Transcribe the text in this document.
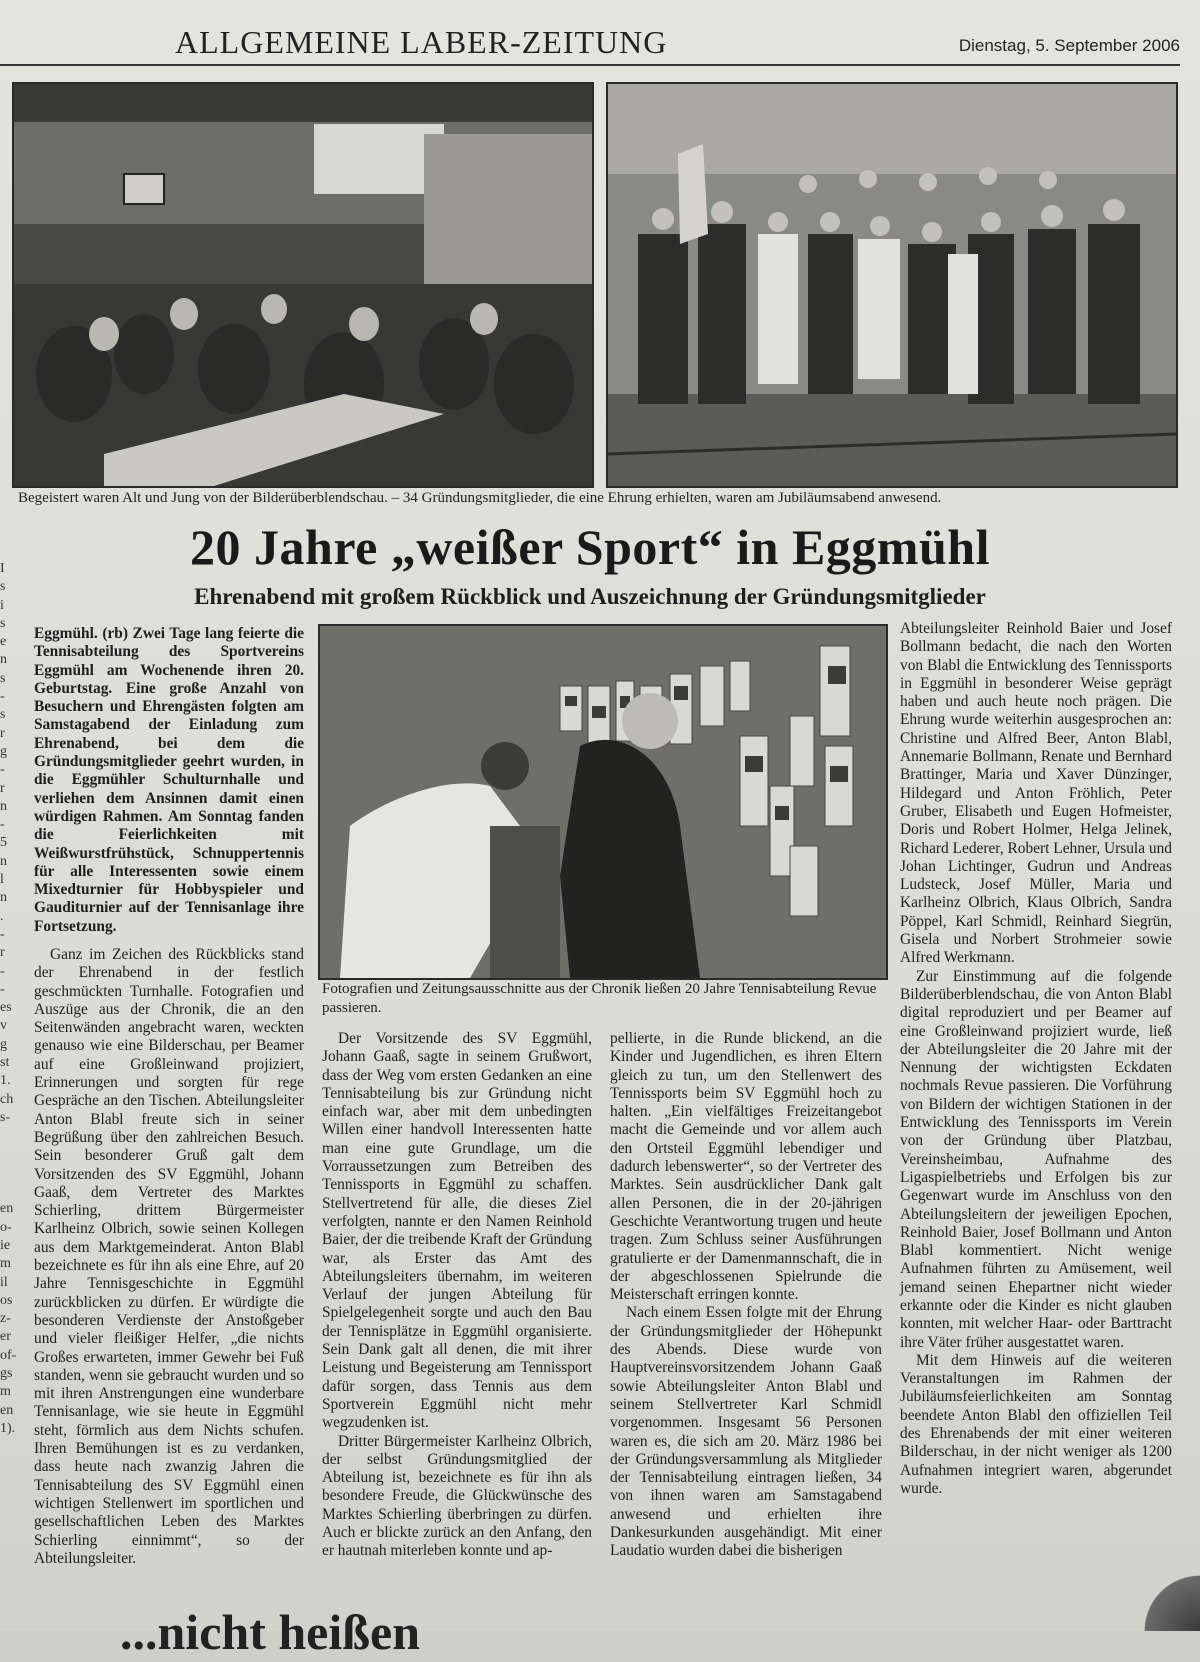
ALLGEMEINE LABER-ZEITUNG	Dienstag, 5. September 2006
Begeistert waren Alt und Jung von der Bilderüberblendschau. – 34 Gründungsmitglieder, die eine Ehrung erhielten, waren am Jubiläumsabend anwesend.
20 Jahre „weißer Sport“ in Eggmühl
Ehrenabend mit großem Rückblick und Auszeichnung der Gründungsmitglieder
I
s
i
s
e
n
s
-
s
r
g
-
r
n
-
5
n
l
n
.
-
r
-
-
es
v
g
st
1.
ch
s-

en
o-
ie
m
il
os
z-
er
of-
gs
m
en
1).

Eggmühl. (rb) Zwei Tage lang feierte die Tennisabteilung des Sportvereins Eggmühl am Wochenende ihren 20. Geburtstag. Eine große Anzahl von Besuchern und Ehrengästen folgten am Samstagabend der Einladung zum Ehrenabend, bei dem die Gründungsmitglieder geehrt wurden, in die Eggmühler Schulturnhalle und verliehen dem Ansinnen damit einen würdigen Rahmen. Am Sonntag fanden die Feierlichkeiten mit Weißwurstfrühstück, Schnuppertennis für alle Interessenten sowie einem Mixedturnier für Hobbyspieler und Gauditurnier auf der Tennisanlage ihre Fortsetzung.

Ganz im Zeichen des Rückblicks stand der Ehrenabend in der festlich geschmückten Turnhalle. Fotografien und Auszüge aus der Chronik, die an den Seitenwänden angebracht waren, weckten genauso wie eine Bilderschau, per Beamer auf eine Großleinwand projiziert, Erinnerungen und sorgten für rege Gespräche an den Tischen. Abteilungsleiter Anton Blabl freute sich in seiner Begrüßung über den zahlreichen Besuch. Sein besonderer Gruß galt dem Vorsitzenden des SV Eggmühl, Johann Gaaß, dem Vertreter des Marktes Schierling, drittem Bürgermeister Karlheinz Olbrich, sowie seinen Kollegen aus dem Marktgemeinderat. Anton Blabl bezeichnete es für ihn als eine Ehre, auf 20 Jahre Tennisgeschichte in Eggmühl zurückblicken zu dürfen. Er würdigte die besonderen Verdienste der Anstoßgeber und vieler fleißiger Helfer, „die nichts Großes erwarteten, immer Gewehr bei Fuß standen, wenn sie gebraucht wurden und so mit ihren Anstrengungen eine wunderbare Tennisanlage, wie sie heute in Eggmühl steht, förmlich aus dem Nichts schufen. Ihren Bemühungen ist es zu verdanken, dass heute nach zwanzig Jahren die Tennisabteilung des SV Eggmühl einen wichtigen Stellenwert im sportlichen und gesellschaftlichen Leben des Marktes Schierling einnimmt“, so der Abteilungsleiter.

Fotografien und Zeitungsausschnitte aus der Chronik ließen 20 Jahre Tennisabteilung Revue passieren.

Der Vorsitzende des SV Eggmühl, Johann Gaaß, sagte in seinem Grußwort, dass der Weg vom ersten Gedanken an eine Tennisabteilung bis zur Gründung nicht einfach war, aber mit dem unbedingten Willen einer handvoll Interessenten hatte man eine gute Grundlage, um die Vorraussetzungen zum Betreiben des Tennissports in Eggmühl zu schaffen. Stellvertretend für alle, die dieses Ziel verfolgten, nannte er den Namen Reinhold Baier, der die treibende Kraft der Gründung war, als Erster das Amt des Abteilungsleiters übernahm, im weiteren Verlauf der jungen Abteilung für Spielgelegenheit sorgte und auch den Bau der Tennisplätze in Eggmühl organisierte. Sein Dank galt all denen, die mit ihrer Leistung und Begeisterung am Tennissport dafür sorgen, dass Tennis aus dem Sportverein Eggmühl nicht mehr wegzudenken ist.

Dritter Bürgermeister Karlheinz Olbrich, der selbst Gründungsmitglied der Abteilung ist, bezeichnete es für ihn als besondere Freude, die Glückwünsche des Marktes Schierling überbringen zu dürfen. Auch er blickte zurück an den Anfang, den er hautnah miterleben konnte und ap-

pellierte, in die Runde blickend, an die Kinder und Jugendlichen, es ihren Eltern gleich zu tun, um den Stellenwert des Tennissports beim SV Eggmühl hoch zu halten. „Ein vielfältiges Freizeitangebot macht die Gemeinde und vor allem auch den Ortsteil Eggmühl lebendiger und dadurch lebenswerter“, so der Vertreter des Marktes. Sein ausdrücklicher Dank galt allen Personen, die in der 20-jährigen Geschichte Verantwortung trugen und heute tragen. Zum Schluss seiner Ausführungen gratulierte er der Damenmannschaft, die in der abgeschlossenen Spielrunde die Meisterschaft erringen konnte.

Nach einem Essen folgte mit der Ehrung der Gründungsmitglieder der Höhepunkt des Abends. Diese wurde von Hauptvereinsvorsitzendem Johann Gaaß sowie Abteilungsleiter Anton Blabl und seinem Stellvertreter Karl Schmidl vorgenommen. Insgesamt 56 Personen waren es, die sich am 20. März 1986 bei der Gründungsversammlung als Mitglieder der Tennisabteilung eintragen ließen, 34 von ihnen waren am Samstagabend anwesend und erhielten ihre Dankesurkunden ausgehändigt. Mit einer Laudatio wurden dabei die bisherigen

Abteilungsleiter Reinhold Baier und Josef Bollmann bedacht, die nach den Worten von Blabl die Entwicklung des Tennissports in Eggmühl in besonderer Weise geprägt haben und auch heute noch prägen. Die Ehrung wurde weiterhin ausgesprochen an: Christine und Alfred Beer, Anton Blabl, Annemarie Bollmann, Renate und Bernhard Brattinger, Maria und Xaver Dünzinger, Hildegard und Anton Fröhlich, Peter Gruber, Elisabeth und Eugen Hofmeister, Doris und Robert Holmer, Helga Jelinek, Richard Lederer, Robert Lehner, Ursula und Johan Lichtinger, Gudrun und Andreas Ludsteck, Josef Müller, Maria und Karlheinz Olbrich, Klaus Olbrich, Sandra Pöppel, Karl Schmidl, Reinhard Siegrün, Gisela und Norbert Strohmeier sowie Alfred Werkmann.

Zur Einstimmung auf die folgende Bilderüberblendschau, die von Anton Blabl digital reproduziert und per Beamer auf eine Großleinwand projiziert wurde, ließ der Abteilungsleiter die 20 Jahre mit der Nennung der wichtigsten Eckdaten nochmals Revue passieren. Die Vorführung von Bildern der wichtigen Stationen in der Entwicklung des Tennissports im Verein von der Gründung über Platzbau, Vereinsheimbau, Aufnahme des Ligaspielbetriebs und Erfolgen bis zur Gegenwart wurde im Anschluss von den Abteilungsleitern der jeweiligen Epochen, Reinhold Baier, Josef Bollmann und Anton Blabl kommentiert. Nicht wenige Aufnahmen führten zu Amüsement, weil jemand seinen Ehepartner nicht wieder erkannte oder die Kinder es nicht glauben konnten, mit welcher Haar- oder Barttracht ihre Väter früher ausgestattet waren.

Mit dem Hinweis auf die weiteren Veranstaltungen im Rahmen der Jubiläumsfeierlichkeiten am Sonntag beendete Anton Blabl den offiziellen Teil des Ehrenabends der mit einer weiteren Bilderschau, in der nicht weniger als 1200 Aufnahmen integriert waren, abgerundet wurde.

...nicht heißen
